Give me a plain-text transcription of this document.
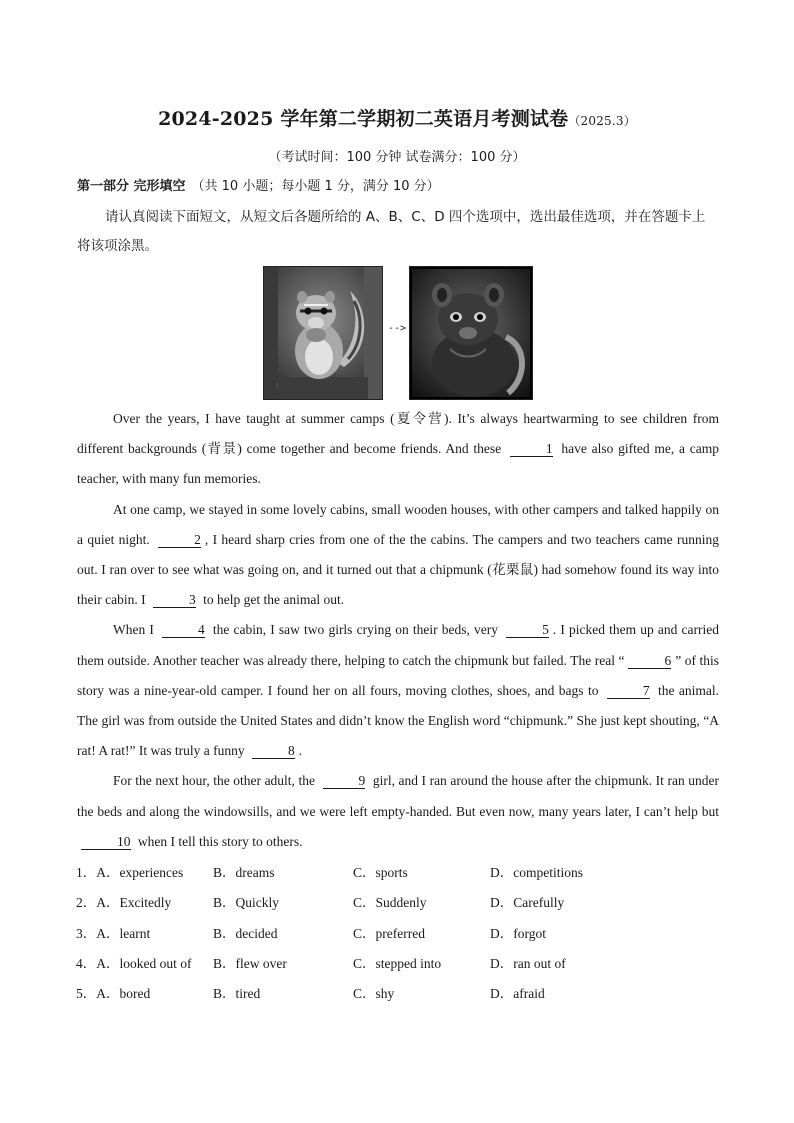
2024-2025 学年第二学期初二英语月考测试卷（2025.3）
（考试时间：100 分钟 试卷满分：100 分）
第一部分 完形填空 （共 10 小题；每小题 1 分，满分 10 分）
请认真阅读下面短文，从短文后各题所给的 A、B、C、D 四个选项中，选出最佳选项，并在答题卡上将该项涂黑。
-->

Over the years, I have taught at summer camps (夏令营). It’s always heartwarming to see children from different backgrounds (背景) come together and become friends. And these	1 have also gifted me, a camp teacher, with many fun memories.

At one camp, we stayed in some lovely cabins, small wooden houses, with other campers and talked happily on a quiet night.	2 , I heard sharp cries from one of the the cabins. The campers and two teachers came running out. I ran over to see what was going on, and it turned out that a chipmunk (花栗鼠) had somehow found its way into their cabin. I	3 to help get the animal out.

When I	4 the cabin, I saw two girls crying on their beds, very	5 . I picked them up and carried them outside. Another teacher was already there, helping to catch the chipmunk but failed. The real “	6 ” of this story was a nine-year-old camper. I found her on all fours, moving clothes, shoes, and bags to	7 the animal. The girl was from outside the United States and didn’t know the English word “chipmunk.” She just kept shouting, “A rat! A rat!” It was truly a funny	8 .

For the next hour, the other adult, the	9 girl, and I ran around the house after the chipmunk. It ran under the beds and along the windowsills, and we were left empty-handed. But even now, many years later, I can’t help but 10 when I tell this story to others.

1．A．experiences B．dreams	C．sports	D．competitions
2．A．Excitedly	B．Quickly	C．Suddenly	D．Carefully
3．A．learnt	B．decided	C．preferred	D．forgot
4．A．looked out of B．flew over	C．stepped into	D．ran out of
5．A．bored	B．tired	C．shy	D．afraid
